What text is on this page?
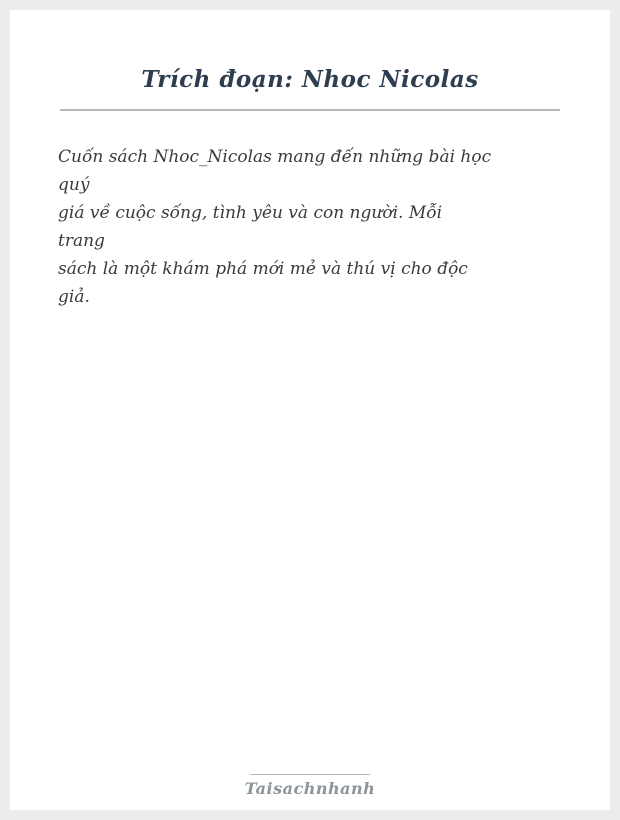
Trích đoạn: Nhoc Nicolas
Cuốn sách Nhoc_Nicolas mang đến những bài học
quý
giá về cuộc sống, tình yêu và con người. Mỗi
trang
sách là một khám phá mới mẻ và thú vị cho độc
giả.
Taisachnhanh
